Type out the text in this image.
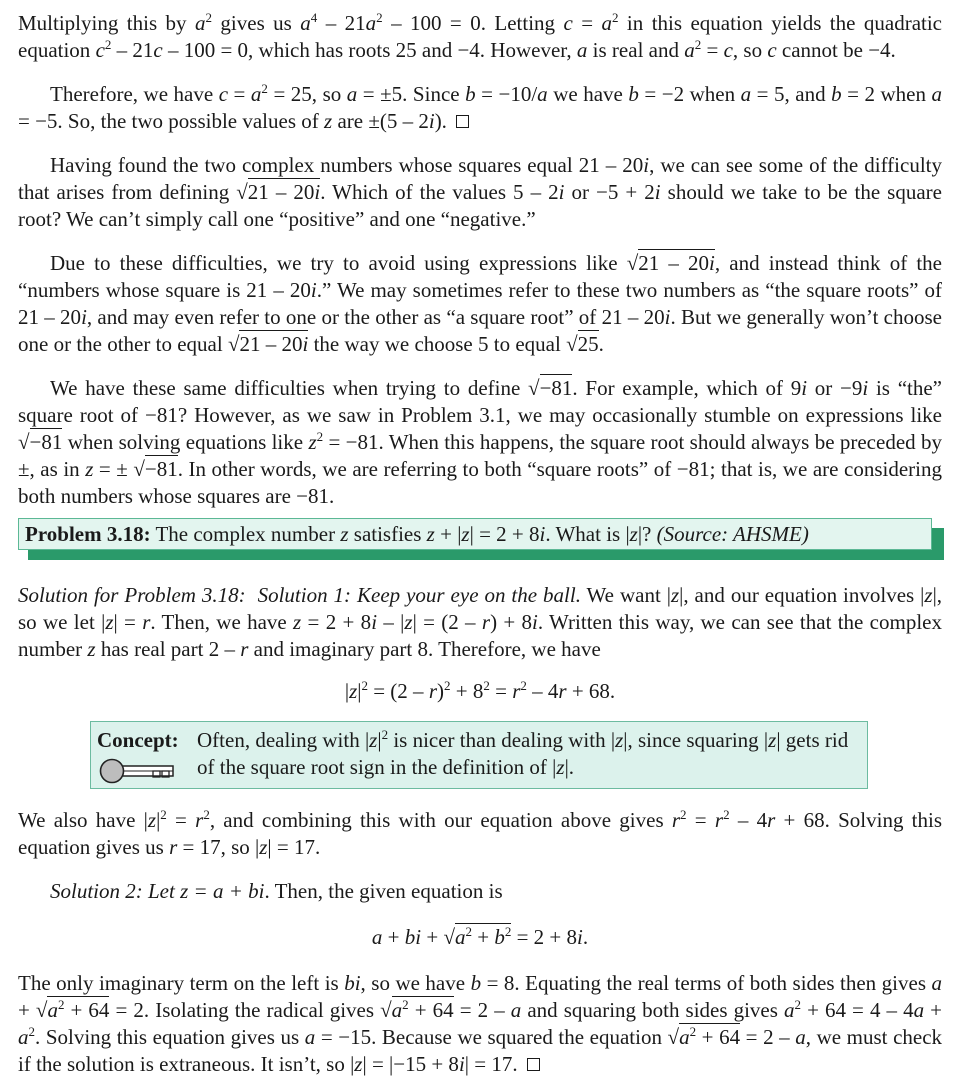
Multiplying this by $a^2$ gives us $a^4 - 21a^2 - 100 = 0$. Letting $c = a^2$ in this equation yields the quadratic equation $c^2 - 21c - 100 = 0$, which has roots 25 and −4. However, a is real and $a^2 = c$, so c cannot be −4.

Therefore, we have $c = a^2 = 25$, so a = ±5. Since b = −10/a we have b = −2 when a = 5, and b = 2 when a = −5. So, the two possible values of z are ±(5 – 2i).

Having found the two complex numbers whose squares equal 21 – 20i, we can see some of the difficulty that arises from defining √21 – 20i. Which of the values 5 – 2i or −5 + 2i should we take to be the square root? We can’t simply call one “positive” and one “negative.”

Due to these difficulties, we try to avoid using expressions like √21 – 20i, and instead think of the “numbers whose square is 21 – 20i.” We may sometimes refer to these two numbers as “the square roots” of 21 – 20i, and may even refer to one or the other as “a square root” of 21 – 20i. But we generally won’t choose one or the other to equal √21 – 20i the way we choose 5 to equal √25.

We have these same difficulties when trying to define √−81. For example, which of 9i or −9i is “the” square root of −81? However, as we saw in Problem 3.1, we may occasionally stumble on expressions like √−81 when solving equations like $z^2 = -81$. When this happens, the square root should always be preceded by ±, as in z = ± √−81. In other words, we are referring to both “square roots” of −81; that is, we are considering both numbers whose squares are −81.

Problem 3.18: The complex number z satisfies z + |z| = 2 + 8i. What is |z|? (Source: AHSME)

Solution for Problem 3.18: Solution 1: Keep your eye on the ball. We want |z|, and our equation involves |z|, so we let |z| = r. Then, we have z = 2 + 8i – |z| = (2 – r) + 8i. Written this way, we can see that the complex number z has real part 2 – r and imaginary part 8. Therefore, we have

$|z|^2 = (2 - r)^2 + 8^2 = r^2 - 4r + 68$.

Concept: Often, dealing with $|z|^2$ is nicer than dealing with |z|, since squaring |z| gets rid of the square root sign in the definition of |z|.

We also have $|z|^2 = r^2$, and combining this with our equation above gives $r^2 = r^2 - 4r + 68$. Solving this equation gives us r = 17, so |z| = 17.

Solution 2: Let z = a + bi. Then, the given equation is

a + bi + $√a^2 + b^2 = 2 + 8i$.

The only imaginary term on the left is bi, so we have b = 8. Equating the real terms of both sides then gives $a + √a^2 + 64 = 2$. Isolating the radical gives $√a^2 + 64 = 2 - a$ and squaring both sides gives $a^2 + 64 = 4 - 4a + a^2$. Solving this equation gives us a = −15. Because we squared the equation $√a^2 + 64 = 2 - a$, we must check if the solution is extraneous. It isn’t, so |z| = |−15 + 8i| = 17.
